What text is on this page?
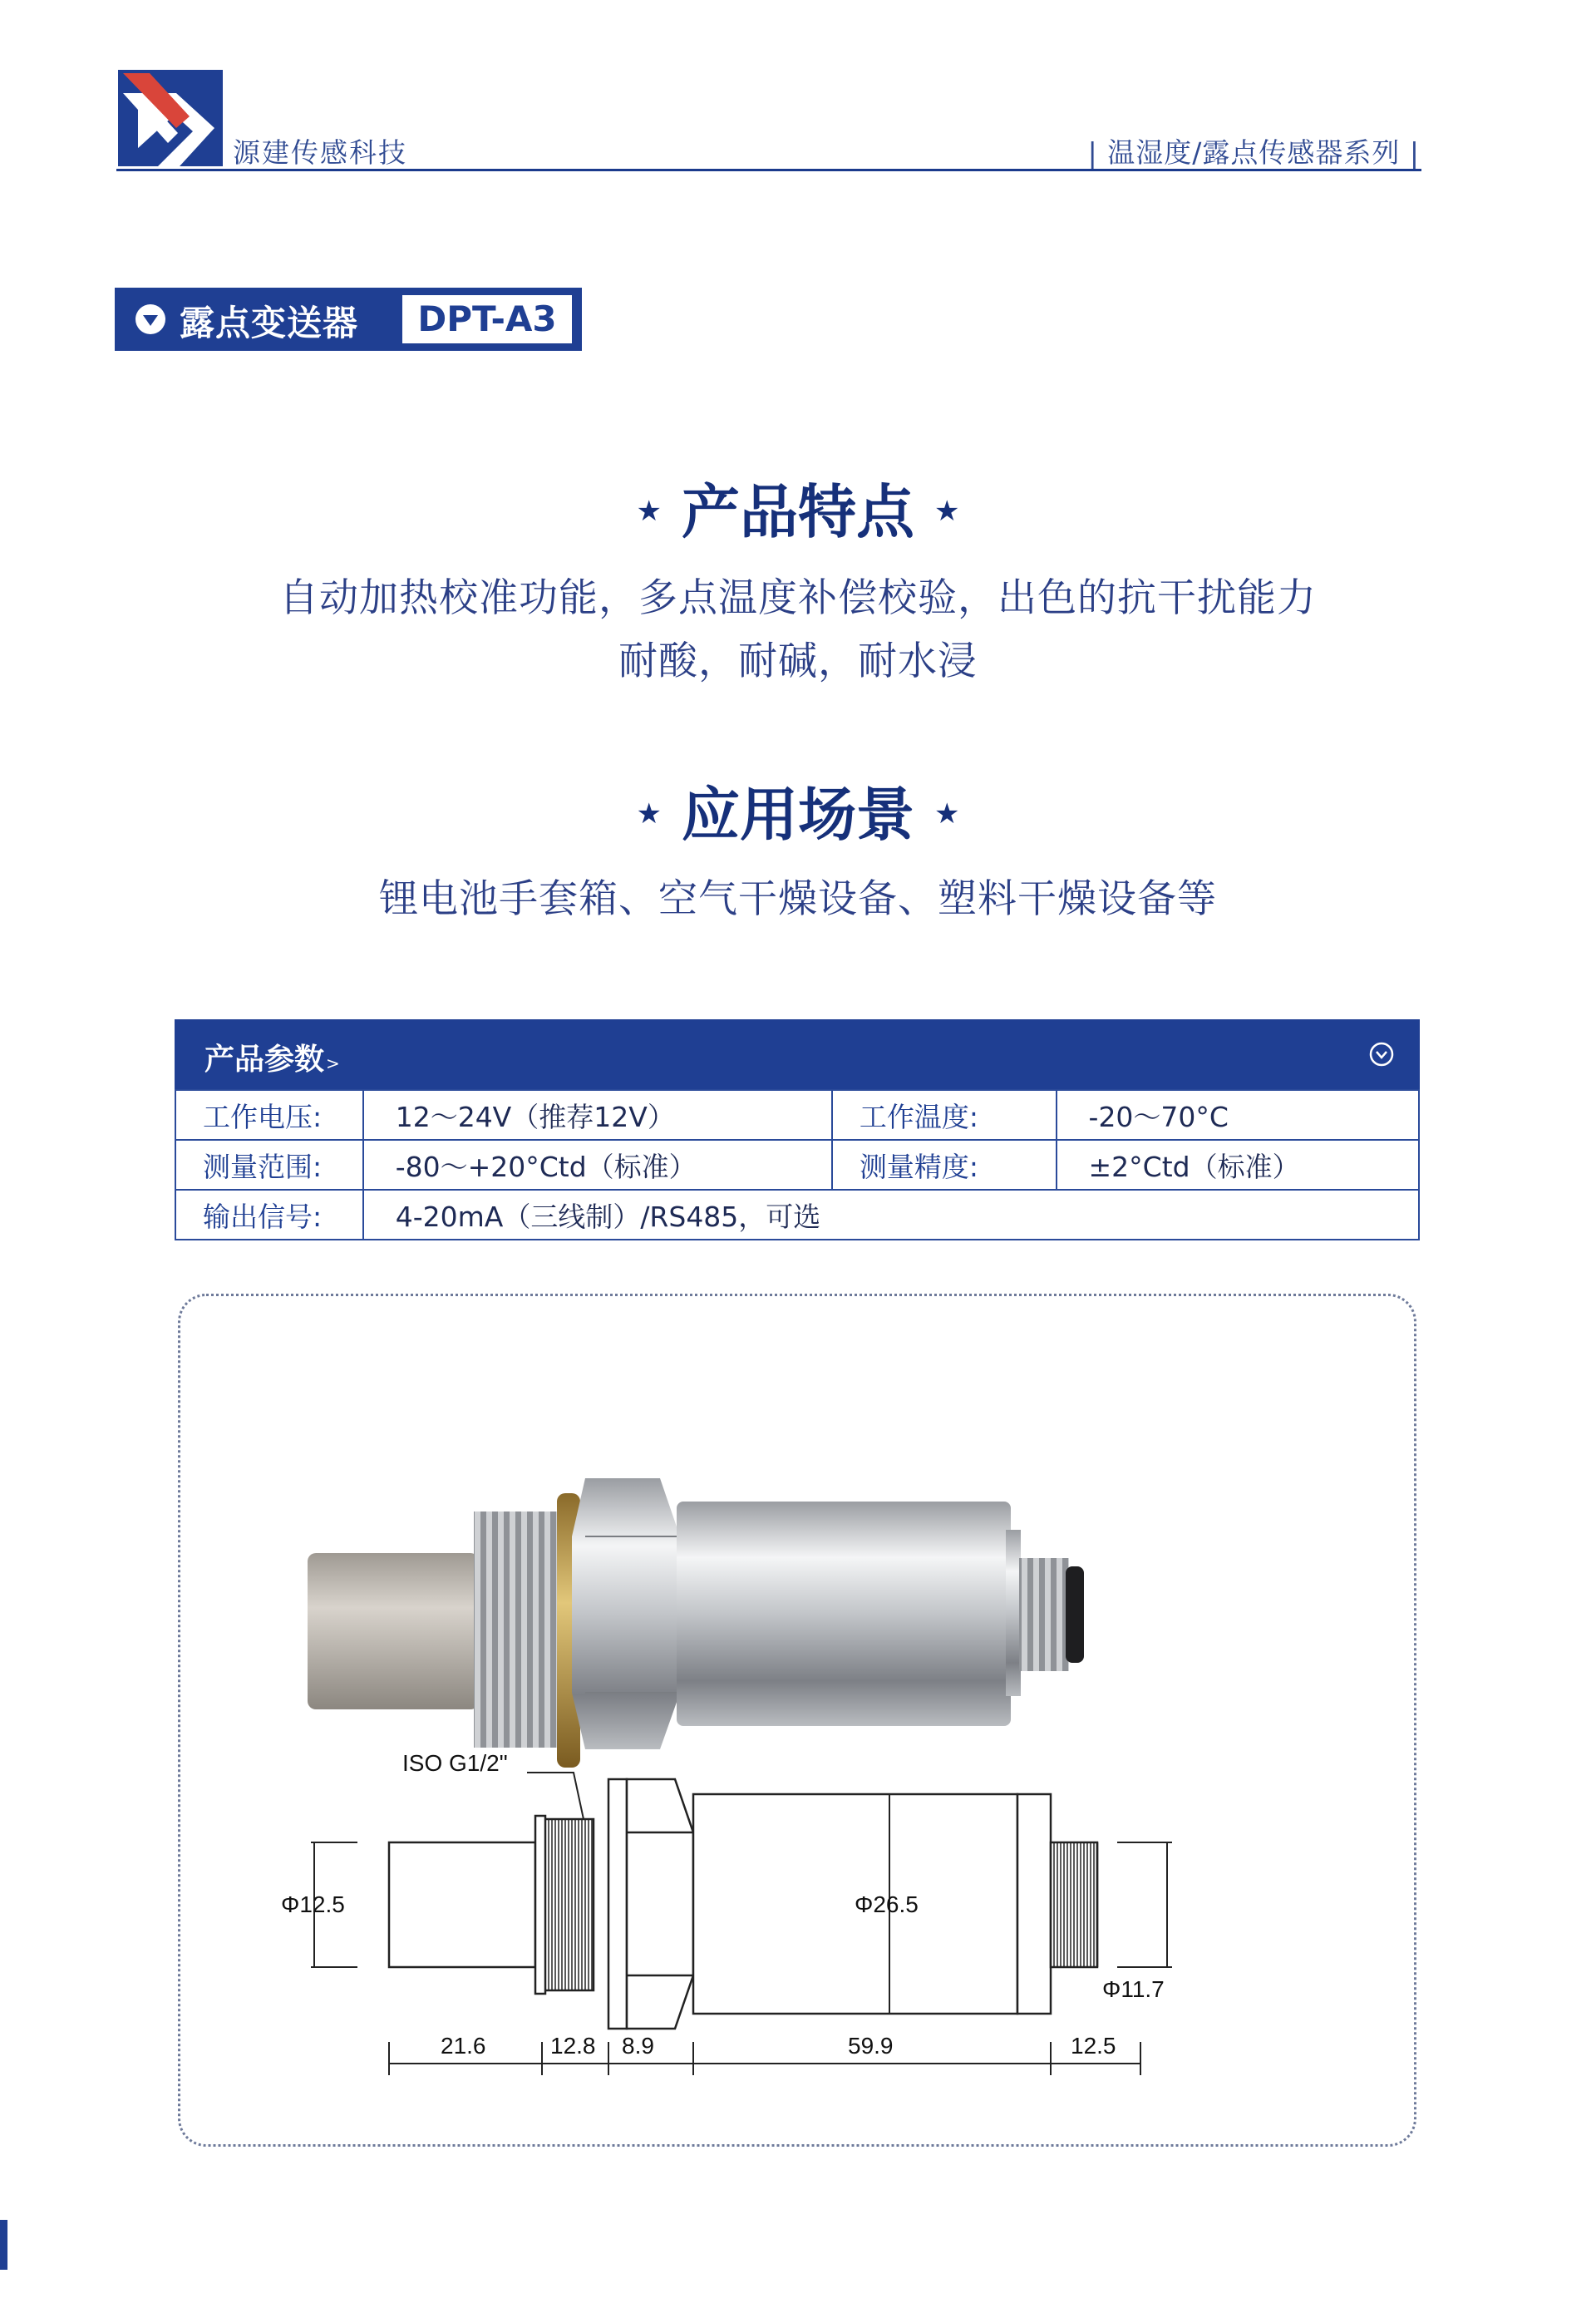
源建传感科技	| 温湿度/露点传感器系列 |
露点变送器	DPT-A3
★ 产品特点 ★
自动加热校准功能，多点温度补偿校验，出色的抗干扰能力
耐酸，耐碱，耐水浸
★ 应用场景 ★
锂电池手套箱、空气干燥设备、塑料干燥设备等
产品参数 >
工作电压:	12～24V（推荐12V）	工作温度:	-20～70°C
测量范围:	-80～+20°Ctd（标准）	测量精度:	±2°Ctd（标准）
输出信号:	4-20mA（三线制）/RS485，可选		
ISO G1/2"
Φ12.5	Φ26.5
Φ11.7
21.6	12.8 8.9	59.9	12.5
